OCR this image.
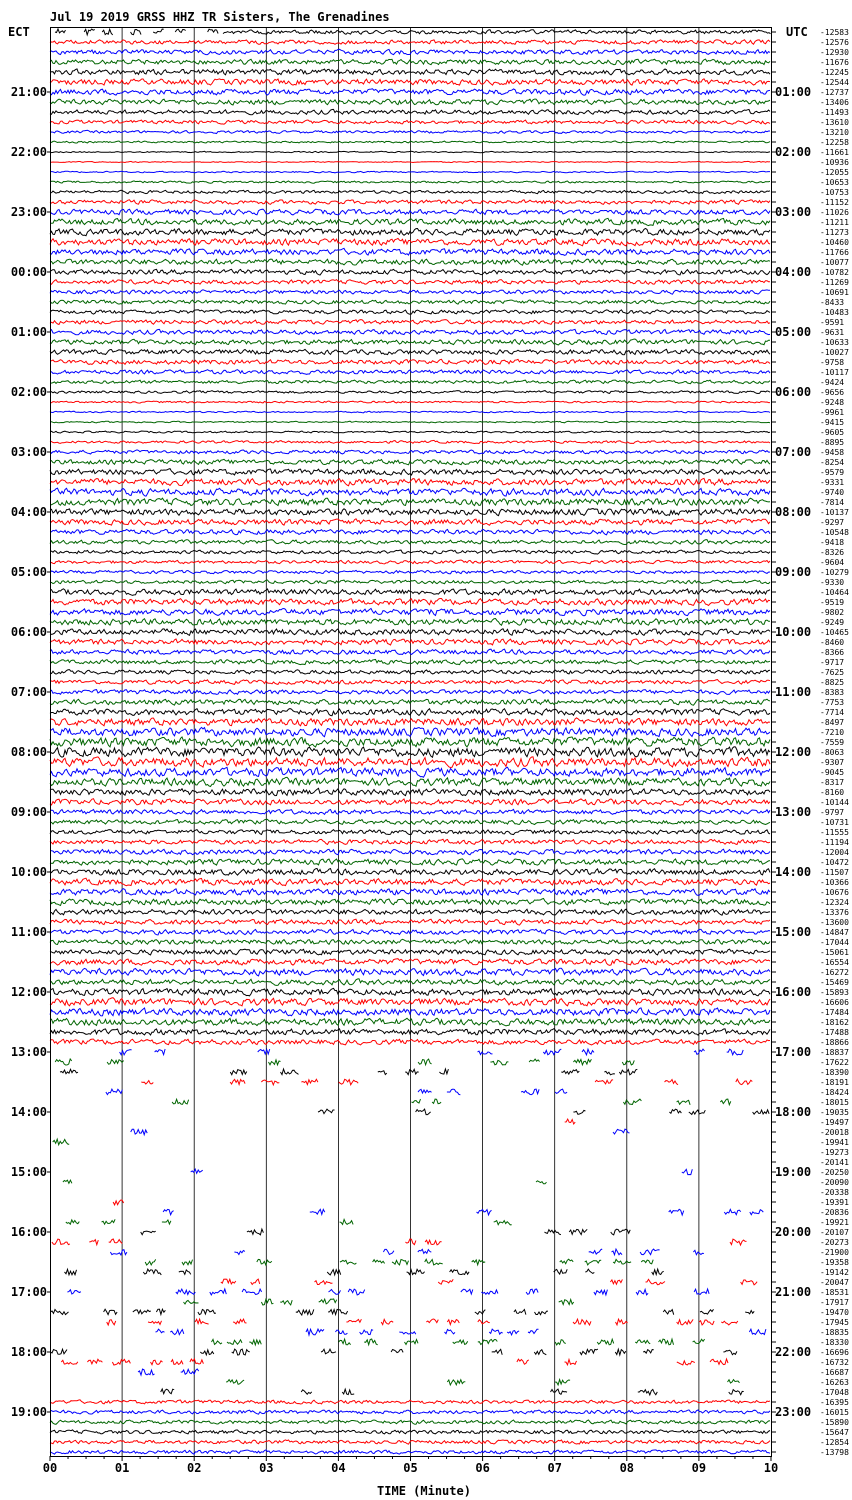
Jul 19 2019 GRSS HHZ TR Sisters, The Grenadines
ECT	UTC
TIME (Minute)
00	01	02	03	04	05	06	07	08	09	10
21:00
22:00
23:00
00:00
01:00
02:00
03:00
04:00
05:00
06:00
07:00
08:00
09:00
10:00
11:00
12:00
13:00
14:00
15:00
16:00
17:00
18:00
19:00
01:00
02:00
03:00
04:00
05:00
06:00
07:00
08:00
09:00
10:00
11:00
12:00
13:00
14:00
15:00
16:00
17:00
18:00
19:00
20:00
21:00
22:00
23:00
-12583
-12576
-12930
-11676
-12245
-12544
-12737
-13406
-11493
-13610
-13210
-12258
-11661
-10936
-12055
-10653
-10753
-11152
-11026
-11211
-11273
-10460
-11766
-10077
-10782
-11269
-10691
-8433
-10483
-9591
-9631
-10633
-10027
-9758
-10117
-9424
-9656
-9248
-9961
-9415
-9605
-8895
-9458
-8254
-9579
-9331
-9740
-7814
-10137
-9297
-10548
-9418
-8326
-9604
-10279
-9330
-10464
-9519
-9802
-9249
-10465
-8460
-8366
-9717
-7625
-8825
-8383
-7753
-7714
-8497
-7210
-7559
-8063
-9307
-9045
-8317
-8160
-10144
-9797
-10731
-11555
-11194
-12004
-10472
-11507
-10366
-10676
-12324
-13376
-13600
-14847
-17044
-15061
-16554
-16272
-15469
-15893
-16606
-17484
-18162
-17488
-18866
-18837
-17622
-18390
-18191
-18424
-18015
-19035
-19497
-20018
-19941
-19273
-20141
-20250
-20090
-20338
-19391
-20836
-19921
-20107
-20273
-21900
-19358
-19142
-20047
-18531
-17917
-19470
-17945
-18835
-18330
-16696
-16732
-16687
-16263
-17048
-16395
-16015
-15890
-15647
-12854
-13798
